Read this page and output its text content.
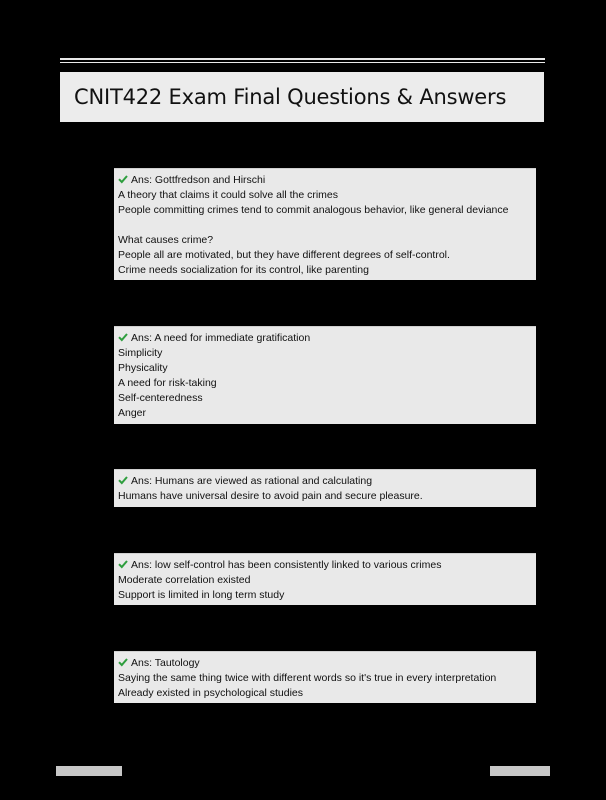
CNIT422 Exam Final Questions & Answers
Ans: Gottfredson and Hirschi
A theory that claims it could solve all the crimes
People committing crimes tend to commit analogous behavior, like general deviance
What causes crime?
People all are motivated, but they have different degrees of self-control.
Crime needs socialization for its control, like parenting
Ans: A need for immediate gratification
Simplicity
Physicality
A need for risk-taking
Self-centeredness
Anger
Ans: Humans are viewed as rational and calculating
Humans have universal desire to avoid pain and secure pleasure.
Ans: low self-control has been consistently linked to various crimes
Moderate correlation existed
Support is limited in long term study
Ans: Tautology
Saying the same thing twice with different words so it's true in every interpretation
Already existed in psychological studies
